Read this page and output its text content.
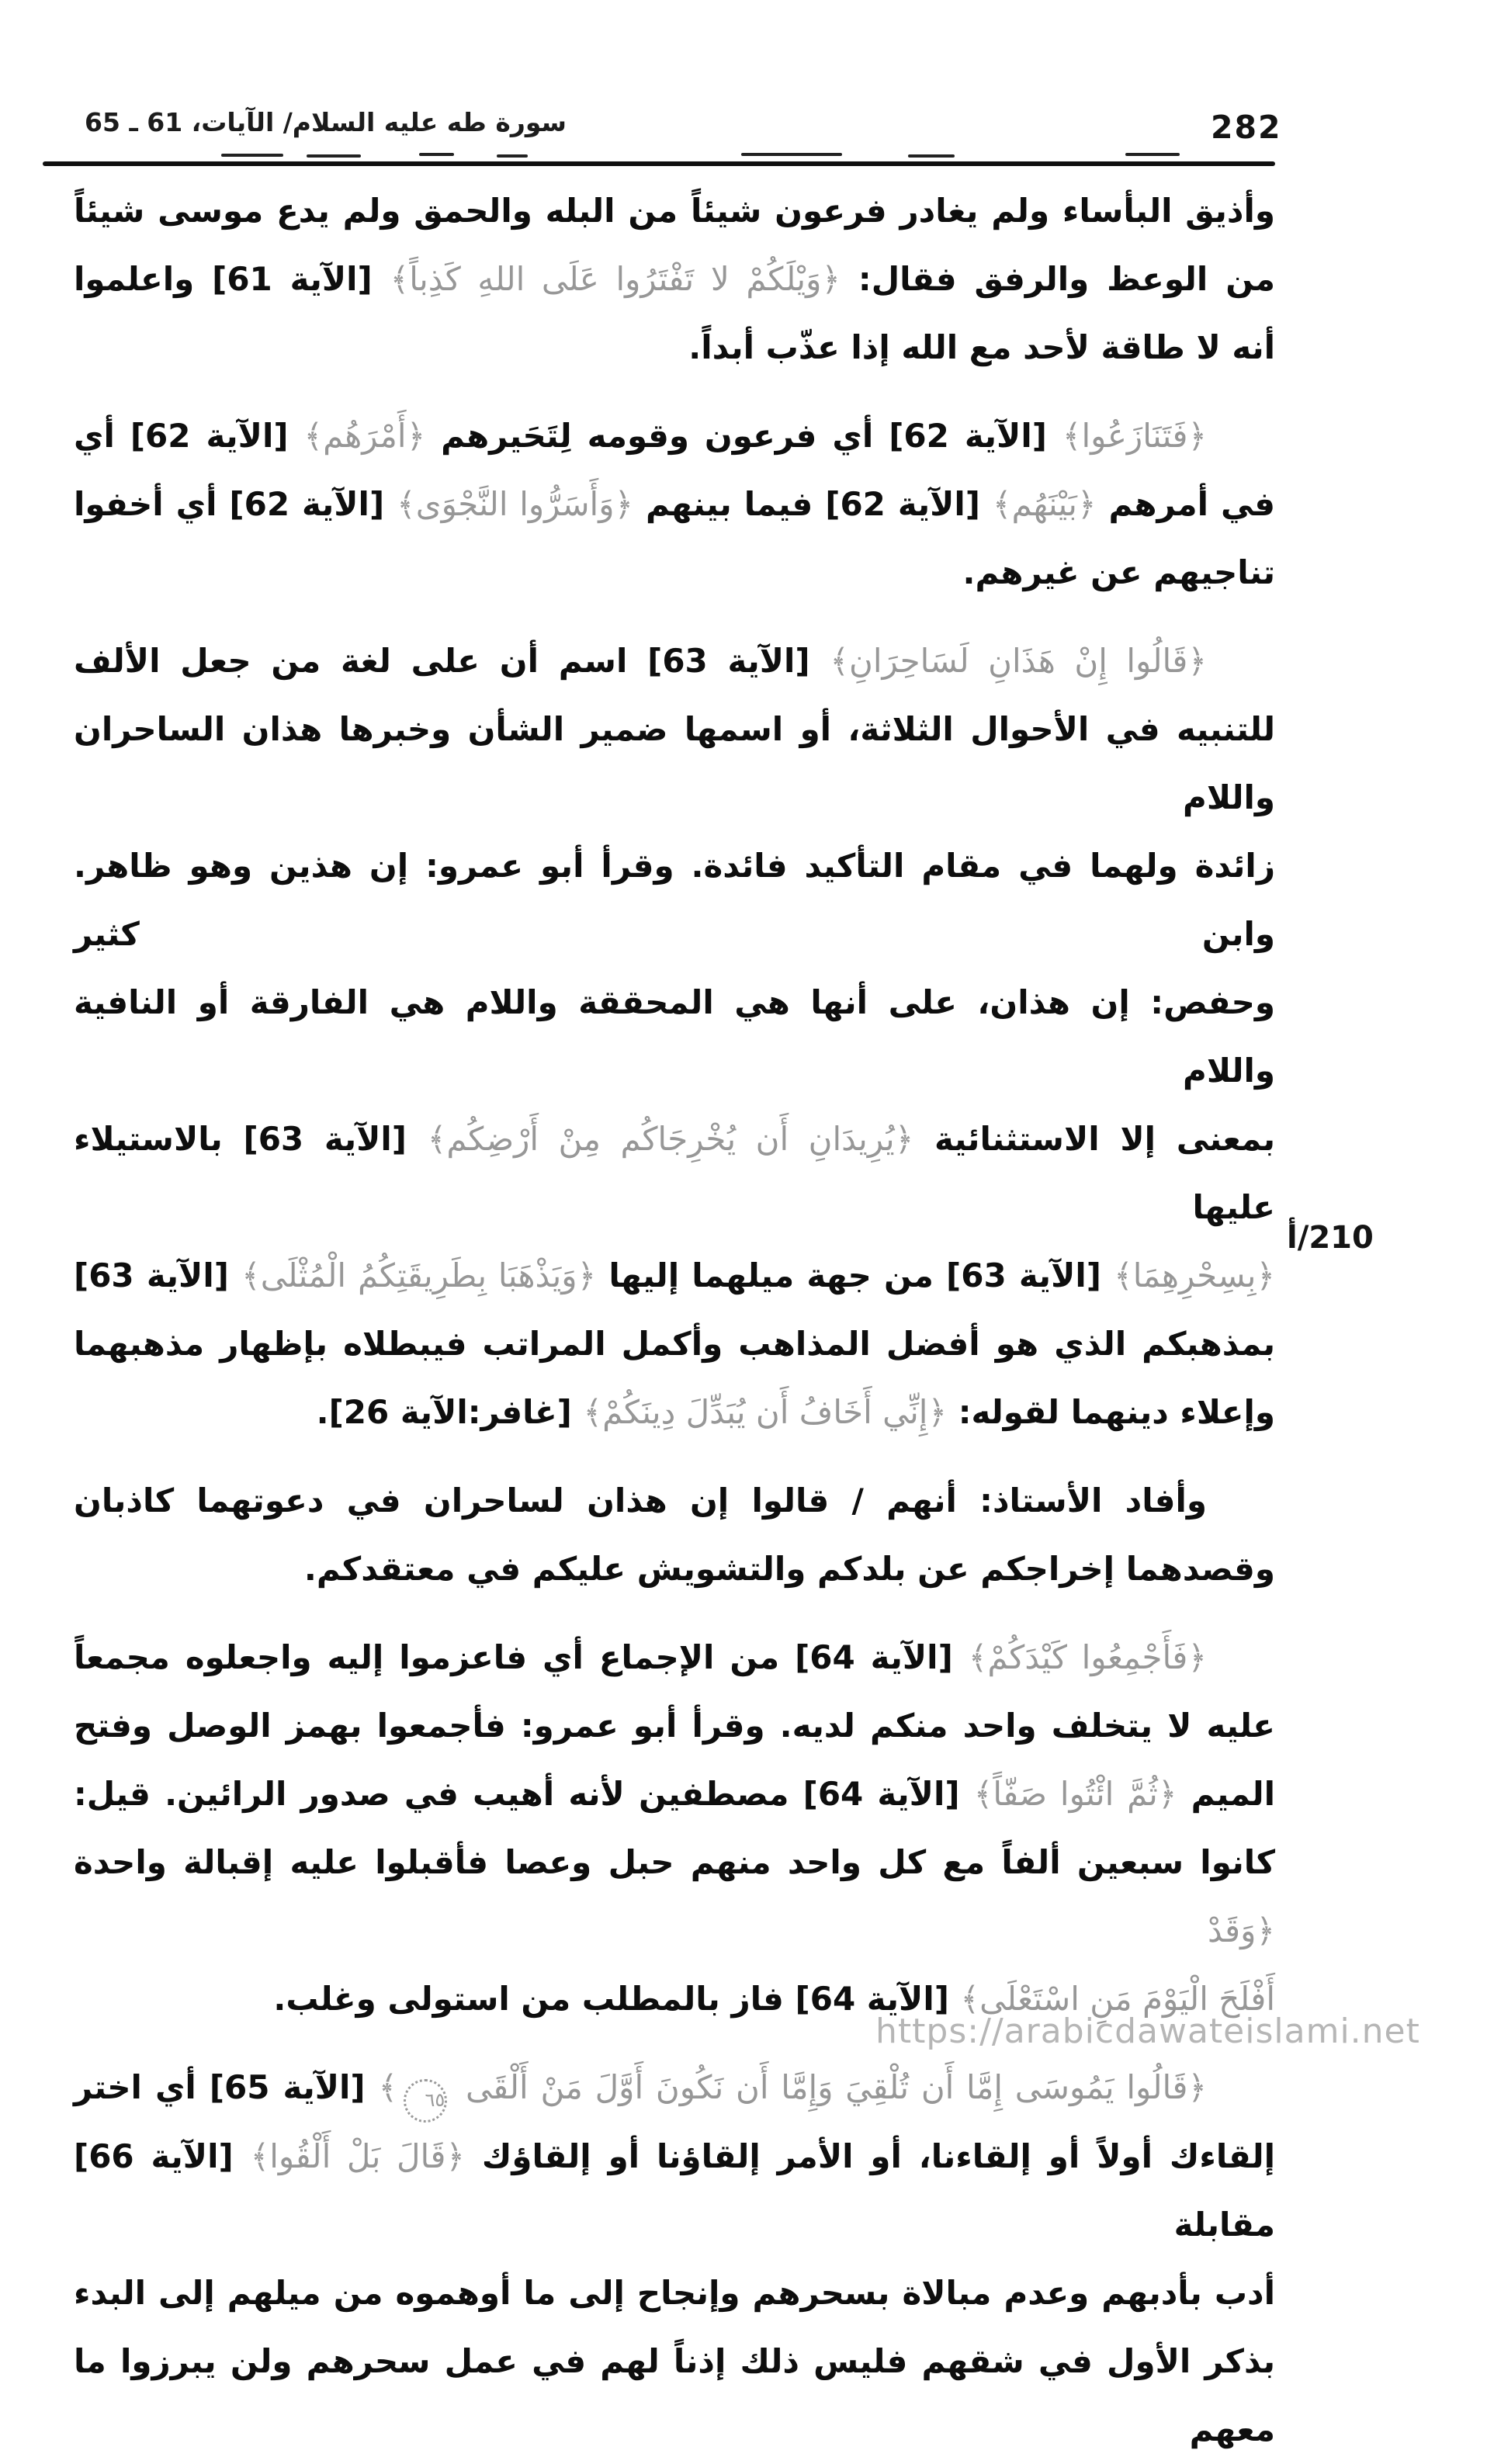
سورة طه عليه السلام/ الآيات، 61 ـ 65	282
وأذيق البأساء ولم يغادر فرعون شيئاً من البله والحمق ولم يدع موسى شيئاً
من الوعظ والرفق فقال: ﴿وَيْلَكُمْ لا تَفْتَرُوا عَلَى اللهِ كَذِباً﴾ [الآية 61] واعلموا
أنه لا طاقة لأحد مع الله إذا عذّب أبداً.
﴿فَتَنَازَعُوا﴾ [الآية 62] أي فرعون وقومه لِتَحَيرهم ﴿أَمْرَهُم﴾ [الآية 62] أي
في أمرهم ﴿بَيْنَهُم﴾ [الآية 62] فيما بينهم ﴿وَأَسَرُّوا النَّجْوَى﴾ [الآية 62] أي أخفوا
تناجيهم عن غيرهم.
﴿قَالُوا إِنْ هَذَانِ لَسَاحِرَانِ﴾ [الآية 63] اسم أن على لغة من جعل الألف
للتنبيه في الأحوال الثلاثة، أو اسمها ضمير الشأن وخبرها هذان الساحران واللام
زائدة ولهما في مقام التأكيد فائدة. وقرأ أبو عمرو: إن هذين وهو ظاهر. وابن كثير
وحفص: إن هذان، على أنها هي المحققة واللام هي الفارقة أو النافية واللام
بمعنى إلا الاستثنائية ﴿يُرِيدَانِ أَن يُخْرِجَاكُم مِنْ أَرْضِكُم﴾ [الآية 63] بالاستيلاء عليها
﴿بِسِحْرِهِمَا﴾ [الآية 63] من جهة ميلهما إليها ﴿وَيَذْهَبَا بِطَرِيقَتِكُمُ الْمُثْلَى﴾ [الآية 63]
بمذهبكم الذي هو أفضل المذاهب وأكمل المراتب فيبطلاه بإظهار مذهبهما
وإعلاء دينهما لقوله: ﴿إِنِّي أَخَافُ أَن يُبَدِّلَ دِينَكُمْ﴾ [غافر:الآية 26].
وأفاد الأستاذ: أنهم / قالوا إن هذان لساحران في دعوتهما كاذبان
وقصدهما إخراجكم عن بلدكم والتشويش عليكم في معتقدكم.
﴿فَأَجْمِعُوا كَيْدَكُمْ﴾ [الآية 64] من الإجماع أي فاعزموا إليه واجعلوه مجمعاً
عليه لا يتخلف واحد منكم لديه. وقرأ أبو عمرو: فأجمعوا بهمز الوصل وفتح
الميم ﴿ثُمَّ ائْتُوا صَفّاً﴾ [الآية 64] مصطفين لأنه أهيب في صدور الرائين. قيل:
كانوا سبعين ألفاً مع كل واحد منهم حبل وعصا فأقبلوا عليه إقبالة واحدة ﴿وَقَدْ
أَفْلَحَ الْيَوْمَ مَنِ اسْتَعْلَى﴾ [الآية 64] فاز بالمطلب من استولى وغلب.
﴿قَالُوا يَمُوسَى إِمَّا أَن تُلْقِيَ وَإِمَّا أَن نَكُونَ أَوَّلَ مَنْ أَلْقَى ٦٥﴾ [الآية 65] أي اختر
إلقاءك أولاً أو إلقاءنا، أو الأمر إلقاؤنا أو إلقاؤك ﴿قَالَ بَلْ أَلْقُوا﴾ [الآية 66] مقابلة
أدب بأدبهم وعدم مبالاة بسحرهم وإنجاح إلى ما أوهموه من ميلهم إلى البدء
بذكر الأول في شقهم فليس ذلك إذناً لهم في عمل سحرهم ولن يبرزوا ما معهم
210/أ
https://arabicdawateislami.net
